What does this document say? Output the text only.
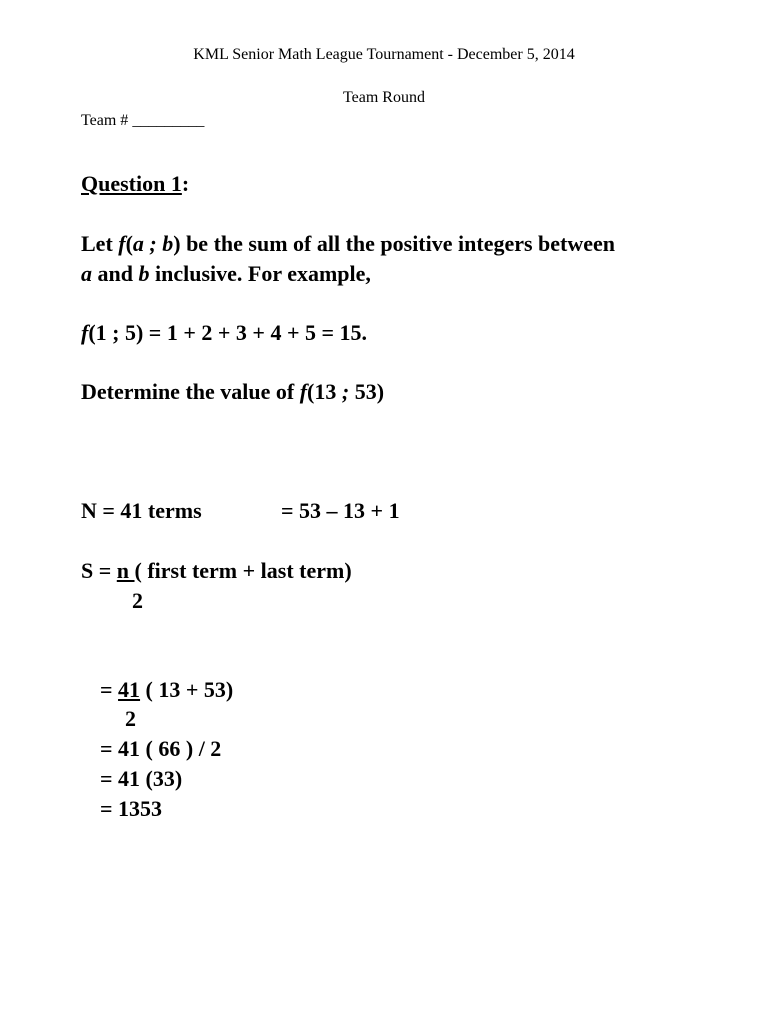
KML Senior Math League Tournament - December 5, 2014
Team Round
Team # _________
Question 1:
Let f(a ; b) be the sum of all the positive integers between
a and b inclusive. For example,
f(1 ; 5) = 1 + 2 + 3 + 4 + 5 = 15.
Determine the value of f(13 ; 53)
N = 41 terms	= 53 – 13 + 1
S = n ( first term + last term)
2
= 41 ( 13 + 53)
2
= 41 ( 66 ) / 2
= 41 (33)
= 1353
